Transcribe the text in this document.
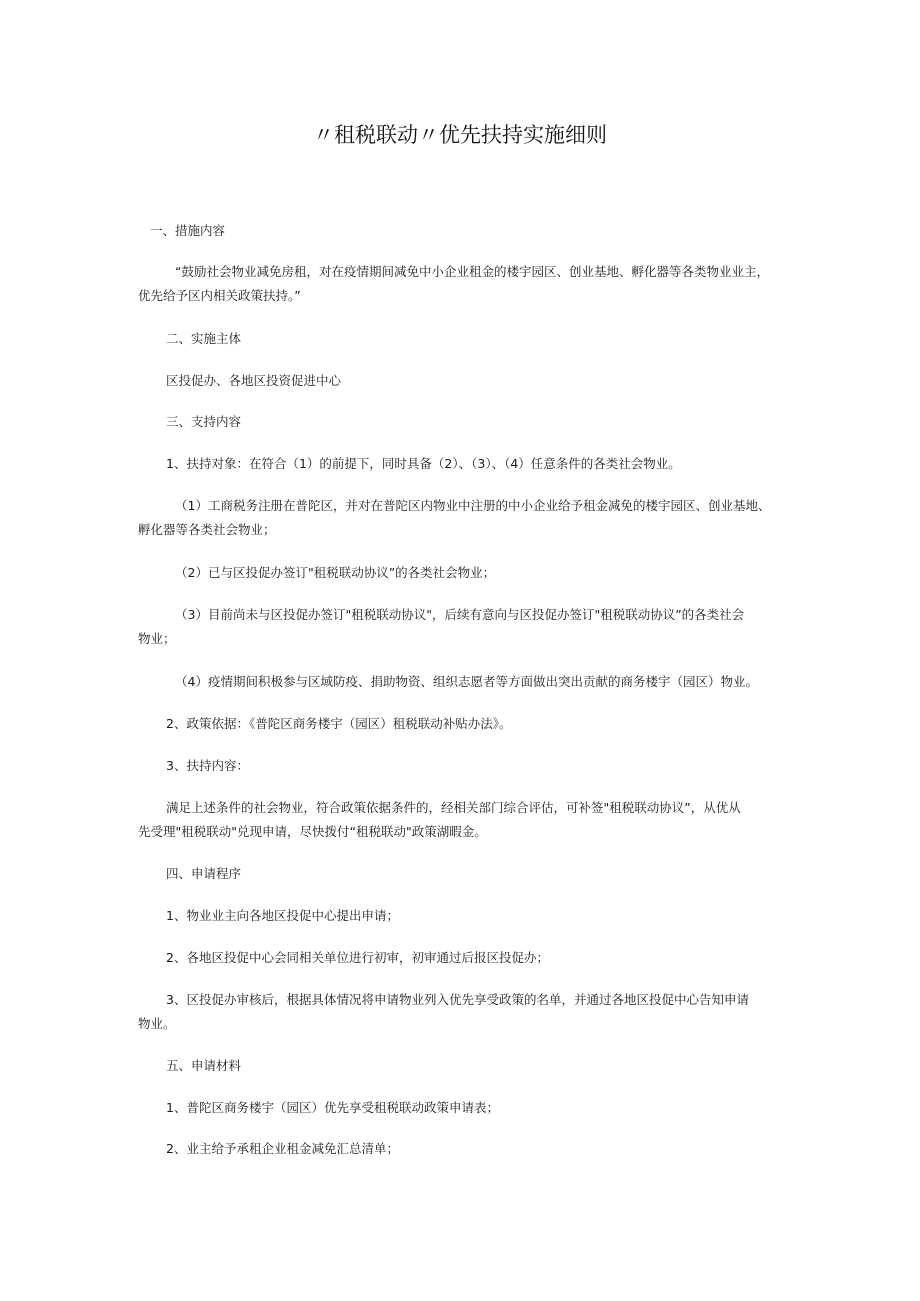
〃租税联动〃优先扶持实施细则
一、措施内容
“鼓励社会物业减免房租，对在疫情期间减免中小企业租金的楼宇园区、创业基地、孵化器等各类物业业主，
优先给予区内相关政策扶持。”
二、实施主体
区投促办、各地区投资促进中心
三、支持内容
1、扶持对象：在符合（1）的前提下，同时具备（2）、（3）、（4）任意条件的各类社会物业。
（1）工商税务注册在普陀区，并对在普陀区内物业中注册的中小企业给予租金减免的楼宇园区、创业基地、
孵化器等各类社会物业；
（2）已与区投促办签订"租税联动协议”的各类社会物业；
（3）目前尚未与区投促办签订"租税联动协议"，后续有意向与区投促办签订"租税联动协议”的各类社会
物业；
（4）疫情期间积极参与区域防疫、捐助物资、组织志愿者等方面做出突出贡献的商务楼宇（园区）物业。
2、政策依据：《普陀区商务楼宇（园区）租税联动补贴办法》。
3、扶持内容：
满足上述条件的社会物业，符合政策依据条件的，经相关部门综合评估，可补签"租税联动协议”，从优从
先受理"租税联动"兑现申请，尽快拨付“租税联动"政策湖暇金。
四、申请程序
1、物业业主向各地区投促中心提出申请；
2、各地区投促中心会同相关单位进行初审，初审通过后报区投促办；
3、区投促办审核后，根据具体情况将申请物业列入优先享受政策的名单，并通过各地区投促中心告知申请
物业。
五、申请材料
1、普陀区商务楼宇（园区）优先享受租税联动政策申请表；
2、业主给予承租企业租金减免汇总清单；
